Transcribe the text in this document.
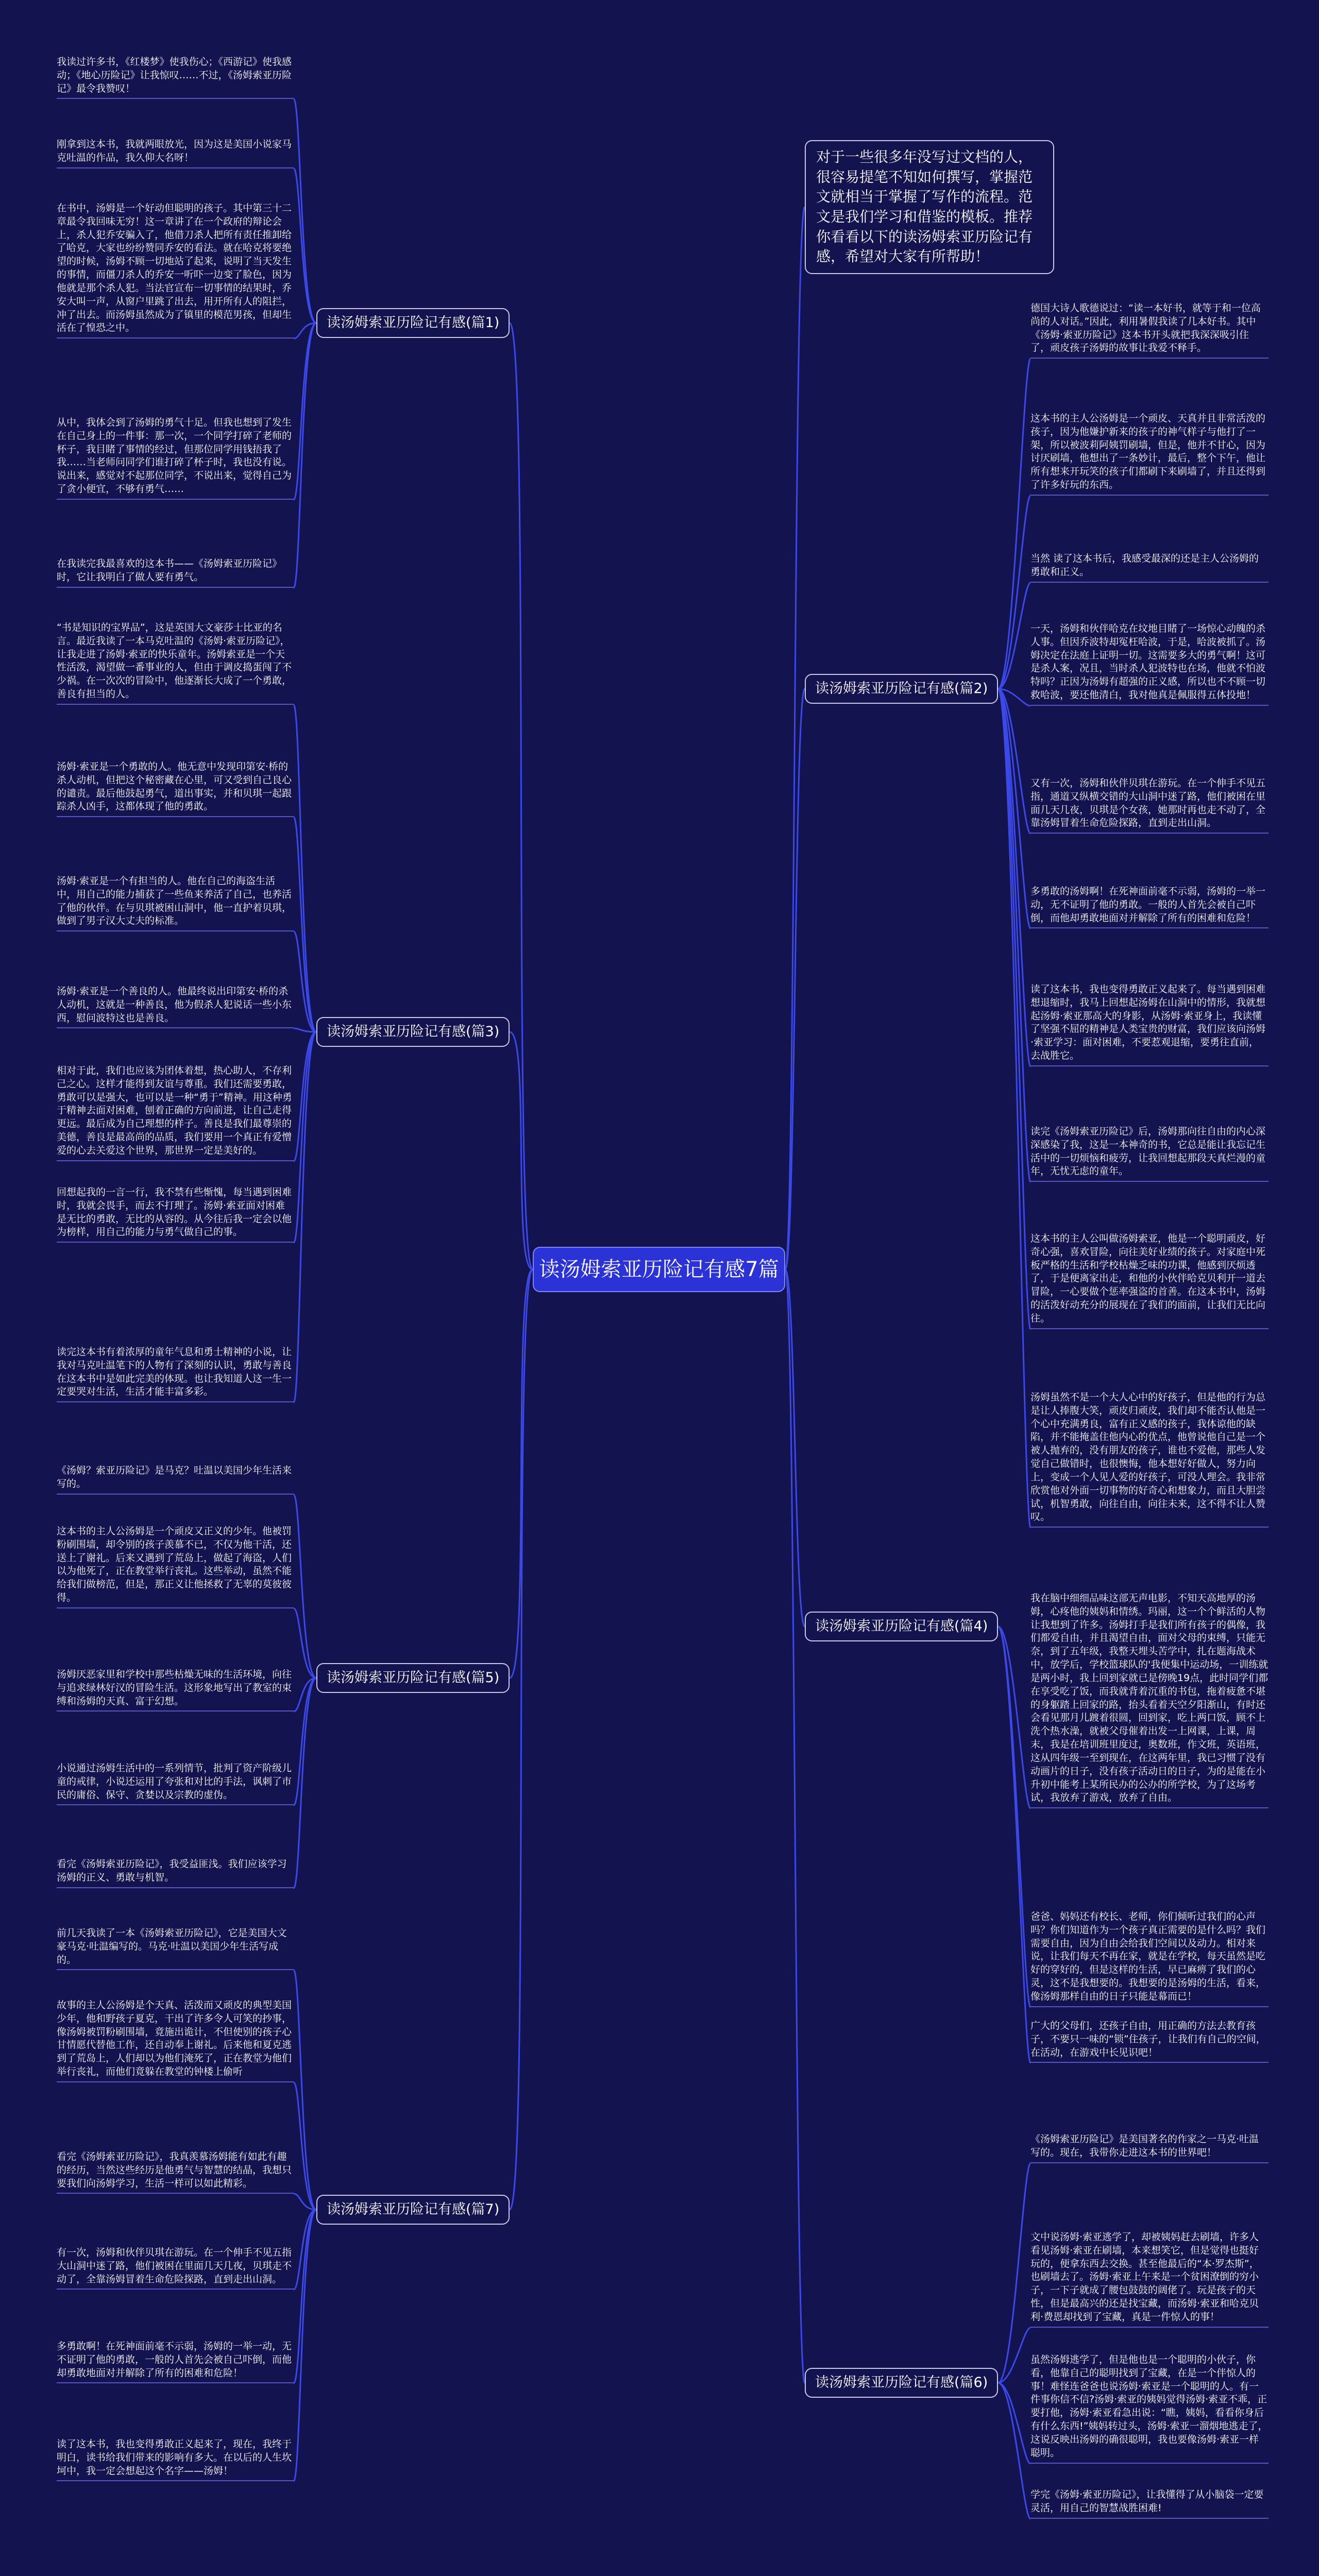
读汤姆索亚历险记有感7篇
对于一些很多年没写过文档的人，很容易提笔不知如何撰写，掌握范文就相当于掌握了写作的流程。范文是我们学习和借鉴的模板。推荐你看看以下的读汤姆索亚历险记有感，希望对大家有所帮助！
读汤姆索亚历险记有感(篇1)
我读过许多书，《红楼梦》使我伤心；《西游记》使我感动；《地心历险记》让我惊叹……不过，《汤姆索亚历险记》最令我赞叹！
刚拿到这本书，我就两眼放光，因为这是美国小说家马克吐温的作品，我久仰大名呀！
在书中，汤姆是一个好动但聪明的孩子。其中第三十二章最令我回味无穷！这一章讲了在一个政府的辩论会上，杀人犯乔安骗入了，他借刀杀人把所有责任推卸给了哈克，大家也纷纷赞同乔安的看法。就在哈克将要绝望的时候，汤姆不顾一切地站了起来，说明了当天发生的事情，而僵刀杀人的乔安一听吓一边变了脸色，因为他就是那个杀人犯。当法官宣布一切事情的结果时，乔安大叫一声，从窗户里跳了出去，用开所有人的阻拦，冲了出去。而汤姆虽然成为了镇里的模范男孩，但却生活在了惶恐之中。
从中，我体会到了汤姆的勇气十足。但我也想到了发生在自己身上的一件事：那一次，一个同学打碎了老师的杯子，我目睹了事情的经过，但那位同学用钱捂我了我……当老师问同学们谁打碎了杯子时，我也没有说。说出来，感觉对不起那位同学，不说出来，觉得自己为了贪小便宜，不够有勇气……
在我读完我最喜欢的这本书——《汤姆索亚历险记》时，它让我明白了做人要有勇气。
读汤姆索亚历险记有感(篇3)
“书是知识的宝界品”，这是英国大文豪莎士比亚的名言。最近我读了一本马克吐温的《汤姆·索亚历险记》，让我走进了汤姆·索亚的快乐童年。汤姆索亚是一个天性活泼，渴望做一番事业的人，但由于调皮捣蛋闯了不少祸。在一次次的冒险中，他逐渐长大成了一个勇敢，善良有担当的人。
汤姆·索亚是一个勇敢的人。他无意中发现印第安·桥的杀人动机，但把这个秘密藏在心里，可又受到自己良心的谴责。最后他鼓起勇气，道出事实，并和贝琪一起跟踪杀人凶手，这都体现了他的勇敢。
汤姆·索亚是一个有担当的人。他在自己的海盗生活中，用自己的能力捕获了一些鱼来养活了自己，也养活了他的伙伴。在与贝琪被困山洞中，他一直护着贝琪，做到了男子汉大丈夫的标准。
汤姆·索亚是一个善良的人。他最终说出印第安·桥的杀人动机，这就是一种善良，他为假杀人犯说话一些小东西，慰问波特这也是善良。
相对于此，我们也应该为团体着想，热心助人，不存利己之心。这样才能得到友谊与尊重。我们还需要勇敢，勇敢可以是强大，也可以是一种“勇于”精神。用这种勇于精神去面对困难，刨着正确的方向前进，让自己走得更远。最后成为自己理想的样子。善良是我们最尊崇的美德，善良是最高尚的品质，我们要用一个真正有爱憎爱的心去关爱这个世界，那世界一定是美好的。
回想起我的一言一行，我不禁有些惭愧，每当遇到困难时，我就会畏手，而去不打理了。汤姆·索亚面对困难是无比的勇敢，无比的从容的。从今往后我一定会以他为榜样，用自己的能力与勇气做自己的事。
读完这本书有着浓厚的童年气息和勇士精神的小说，让我对马克吐温笔下的人物有了深刻的认识，勇敢与善良在这本书中是如此完美的体现。也让我知道人这一生一定要哭对生活，生活才能丰富多彩。
读汤姆索亚历险记有感(篇5)
《汤姆？索亚历险记》是马克？吐温以美国少年生活来写的。
这本书的主人公汤姆是一个顽皮又正义的少年。他被罚粉刷围墙，却令别的孩子羡慕不已，不仅为他干活，还送上了谢礼。后来又遇到了荒岛上，做起了海盗，人们以为他死了，正在教堂举行丧礼。这些举动，虽然不能给我们做榜范，但是，那正义让他拯救了无辜的莫彼彼得。
汤姆厌恶家里和学校中那些枯燥无味的生活环境，向往与追求绿林好汉的冒险生活。这形象地写出了教室的束缚和汤姆的天真、富于幻想。
小说通过汤姆生活中的一系列情节，批判了资产阶级儿童的戒律，小说还运用了夸张和对比的手法，讽刺了市民的庸俗、保守、贪婪以及宗教的虚伪。
看完《汤姆索亚历险记》，我受益匪浅。我们应该学习汤姆的正义、勇敢与机智。
读汤姆索亚历险记有感(篇7)
前几天我读了一本《汤姆索亚历险记》，它是美国大文豪马克·吐温编写的。马克·吐温以美国少年生活写成的。
故事的主人公汤姆是个天真、活泼而又顽皮的典型美国少年，他和野孩子夏克，干出了许多令人可笑的抄事，像汤姆被罚粉刷围墙，竟施出诡计，不但使别的孩子心甘情愿代替他工作，还自动奉上谢礼。后来他和夏克逃到了荒岛上，人们却以为他们淹死了，正在教堂为他们举行丧礼，而他们竟躲在教堂的钟楼上偷听
看完《汤姆索亚历险记》，我真羡慕汤姆能有如此有趣的经历，当然这些经历是他勇气与智慧的结晶，我想只要我们向汤姆学习，生活一样可以如此精彩。
有一次，汤姆和伙伴贝琪在游玩。在一个伸手不见五指大山洞中迷了路，他们被困在里面几天几夜，贝琪走不动了，全靠汤姆冒着生命危险探路，直到走出山洞。
多勇敢啊！在死神面前毫不示弱，汤姆的一举一动，无不证明了他的勇敢，一般的人首先会被自己吓倒，而他却勇敢地面对并解除了所有的困难和危险！
读了这本书，我也变得勇敢正义起来了，现在，我终于明白，读书给我们带来的影响有多大。在以后的人生坎坷中，我一定会想起这个名字——汤姆！
读汤姆索亚历险记有感(篇2)
德国大诗人歌德说过：“读一本好书，就等于和一位高尚的人对话。”因此，利用暑假我读了几本好书。其中《汤姆·索亚历险记》这本书开头就把我深深吸引住了，顽皮孩子汤姆的故事让我爱不释手。
这本书的主人公汤姆是一个顽皮、天真并且非常活泼的孩子，因为他嫌护新来的孩子的神气样子与他打了一架，所以被波莉阿姨罚刷墙，但是，他并不甘心，因为讨厌刷墙，他想出了一条妙计，最后，整个下午，他让所有想来开玩笑的孩子们都刷下来刷墙了，并且还得到了许多好玩的东西。
当然 读了这本书后，我感受最深的还是主人公汤姆的勇敢和正义。
一天，汤姆和伙伴哈克在坟地目睹了一场惊心动魄的杀人事。但因乔波特却冤枉哈波，于是，哈波被抓了。汤姆决定在法庭上证明一切。这需要多大的勇气啊！这可是杀人案，况且，当时杀人犯波特也在场，他就不怕波特吗？正因为汤姆有超强的正义感，所以也不不顾一切救哈波，要还他清白，我对他真是佩服得五体投地！
又有一次，汤姆和伙伴贝琪在游玩。在一个伸手不见五指，通道又纵横交错的大山洞中迷了路，他们被困在里面几天几夜，贝琪是个女孩，她那时再也走不动了，全靠汤姆冒着生命危险探路，直到走出山洞。
多勇敢的汤姆啊！在死神面前毫不示弱，汤姆的一举一动，无不证明了他的勇敢。一般的人首先会被自己吓倒，而他却勇敢地面对并解除了所有的困难和危险！
读了这本书，我也变得勇敢正义起来了。每当遇到困难想退缩时，我马上回想起汤姆在山洞中的情形，我就想起汤姆·索亚那高大的身影，从汤姆·索亚身上，我读懂了坚强不屈的精神是人类宝贵的财富，我们应该向汤姆·索亚学习：面对困难，不要惹观退缩，要勇往直前，去战胜它。
读完《汤姆索亚历险记》后，汤姆那向往自由的内心深深感染了我，这是一本神奇的书，它总是能让我忘记生活中的一切烦恼和疲劳，让我回想起那段天真烂漫的童年，无忧无虑的童年。
这本书的主人公叫做汤姆索亚，他是一个聪明顽皮，好奇心强，喜欢冒险，向往美好业绩的孩子。对家庭中死板严格的生活和学校枯燥乏味的功课，他感到厌烦透了，于是便离家出走，和他的小伙伴哈克贝利开一道去冒险，一心要做个惩率强盗的首善。在这本书中，汤姆的活泼好动充分的展现在了我们的面前，让我们无比向往。
汤姆虽然不是一个大人心中的好孩子，但是他的行为总是让人捧腹大笑，顽皮归顽皮，我们却不能否认他是一个心中充满勇良，富有正义感的孩子，我体谅他的缺陷，并不能掩盖住他内心的优点，他曾说他自己是一个被人抛弃的，没有朋友的孩子，谁也不爱他，那些人发觉自己做错时，也很懊悔，他本想好好做人，努力向上，变成一个人见人爱的好孩子，可没人理会。我非常欣赏他对外面一切事物的好奇心和想象力，而且大胆尝试，机智勇敢，向往自由，向往未来，这不得不让人赞叹。
读汤姆索亚历险记有感(篇4)
我在脑中细细品味这部无声电影，不知天高地厚的汤姆，心疼他的姨妈和情绣。玛丽，这一个个鲜活的人物让我想到了许多。汤姆打手是我们所有孩子的偶像，我们都爱自由，并且渴望自由，面对父母的束缚，只能无奈，到了五年级，我整天埋头苦学中，扎在题海战术中，放学后，学校篮球队的'我便集中运动场，一训练就是两小时，我上回到家就已是傍晚19点，此时同学们都在享受吃了饭，而我就背着沉重的书包，拖着疲惫不堪的身躯踏上回家的路，抬头看着天空夕阳渐山，有时还会看见那月儿踱着很圆，回到家，吃上两口饭，顾不上洗个热水澡，就被父母催着出发一上网课，上课，周末，我是在培训班里度过，奥数班，作文班，英语班，这从四年级一至到现在，在这两年里，我已习惯了没有动画片的日子，没有孩子活动日的日子，为的是能在小升初中能考上某所民办的公办的所学校，为了这场考试，我放弃了游戏，放弃了自由。
爸爸、妈妈还有校长、老师，你们倾听过我们的心声吗？你们知道作为一个孩子真正需要的是什么吗？我们需要自由，因为自由会给我们空间以及动力。相对来说，让我们每天不再在家，就是在学校，每天虽然是吃好的穿好的，但是这样的生活，早已麻痹了我们的心灵，这不是我想要的。我想要的是汤姆的生活，看来，像汤姆那样自由的日子只能是幕而已！
广大的父母们，还孩子自由，用正确的方法去教育孩子，不要只一味的“锁”住孩子，让我们有自己的空间，在活动，在游戏中长见识吧！
读汤姆索亚历险记有感(篇6)
《汤姆索亚历险记》是美国著名的作家之一马克·吐温写的。现在，我带你走进这本书的世界吧！
文中说汤姆·索亚逃学了，却被姨妈赶去刷墙，许多人看见汤姆·索亚在刷墙，本来想笑它，但是觉得也挺好玩的，便拿东西去交换。甚至他最后的“本·罗杰斯”，也刷墙去了。汤姆·索亚上午来是一个贫困潦倒的穷小子，一下子就成了腰包鼓鼓的阔佬了。玩是孩子的天性，但是最高兴的还是找宝藏，而汤姆·索亚和哈克贝利·费恩却找到了宝藏，真是一件惊人的事！
虽然汤姆逃学了，但是他也是一个聪明的小伙子，你看，他靠自己的聪明找到了宝藏，在是一个伴惊人的事！难怪连爸爸也说汤姆·索亚是一个聪明的人。有一件事你信不信?汤姆·索亚的姨妈觉得汤姆·索亚不乖，正要打他，汤姆·索亚看急出说：“瞧，姨妈，看看你身后有什么东西!”姨妈转过头，汤姆·索亚一溜烟地逃走了，这说反映出汤姆的确很聪明，我也要像汤姆·索亚一样聪明。
学完《汤姆·索亚历险记》，让我懂得了从小脑袋一定要灵活，用自己的智慧战胜困难!
